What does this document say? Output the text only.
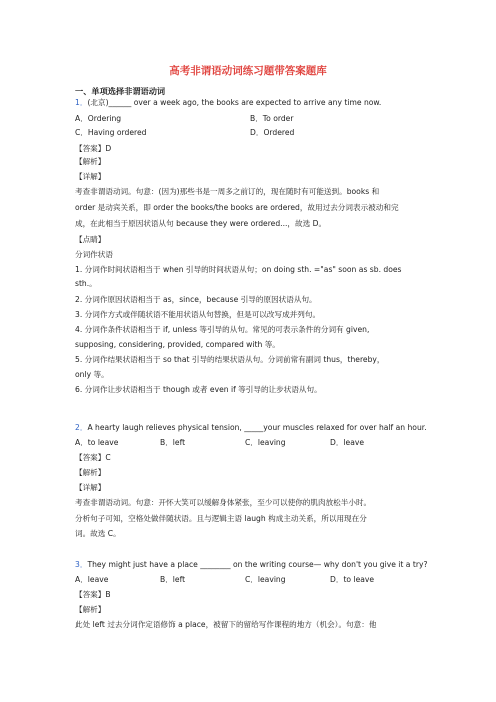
高考非谓语动词练习题带答案题库
一、单项选择非谓语动词
1．(北京)______ over a week ago, the books are expected to arrive any time now.
A．Ordering	B．To order
C．Having ordered	D．Ordered
【答案】D
【解析】
【详解】
考查非谓语动词。句意：(因为)那些书是一周多之前订的，现在随时有可能送到。books 和
order 是动宾关系，即 order the books/the books are ordered，故用过去分词表示被动和完
成，在此相当于原因状语从句 because they were ordered...，故选 D。
【点睛】
分词作状语
1. 分词作时间状语相当于 when 引导的时间状语从句；on doing sth. ="as" soon as sb. does
sth.。
2. 分词作原因状语相当于 as，since，because 引导的原因状语从句。
3. 分词作方式或伴随状语不能用状语从句替换，但是可以改写成并列句。
4. 分词作条件状语相当于 if, unless 等引导的从句。常见的可表示条件的分词有 given,
supposing, considering, provided, compared with 等。
5. 分词作结果状语相当于 so that 引导的结果状语从句。分词前常有副词 thus，thereby，
only 等。
6. 分词作让步状语相当于 though 或者 even if 等引导的让步状语从句。
2．A hearty laugh relieves physical tension, _____your muscles relaxed for over half an hour.
A．to leave	B．left	C．leaving	D．leave
【答案】C
【解析】
【详解】
考查非谓语动词。句意：开怀大笑可以缓解身体紧张，至少可以使你的肌肉放松半小时。
分析句子可知，空格处做伴随状语。且与逻辑主语 laugh 构成主动关系，所以用现在分
词。故选 C。
3．They might just have a place ________ on the writing course— why don't you give it a try?
A．leave	B．left	C．leaving	D．to leave
【答案】B
【解析】
此处 left 过去分词作定语修饰 a place，被留下的留给写作课程的地方（机会）。句意：他
